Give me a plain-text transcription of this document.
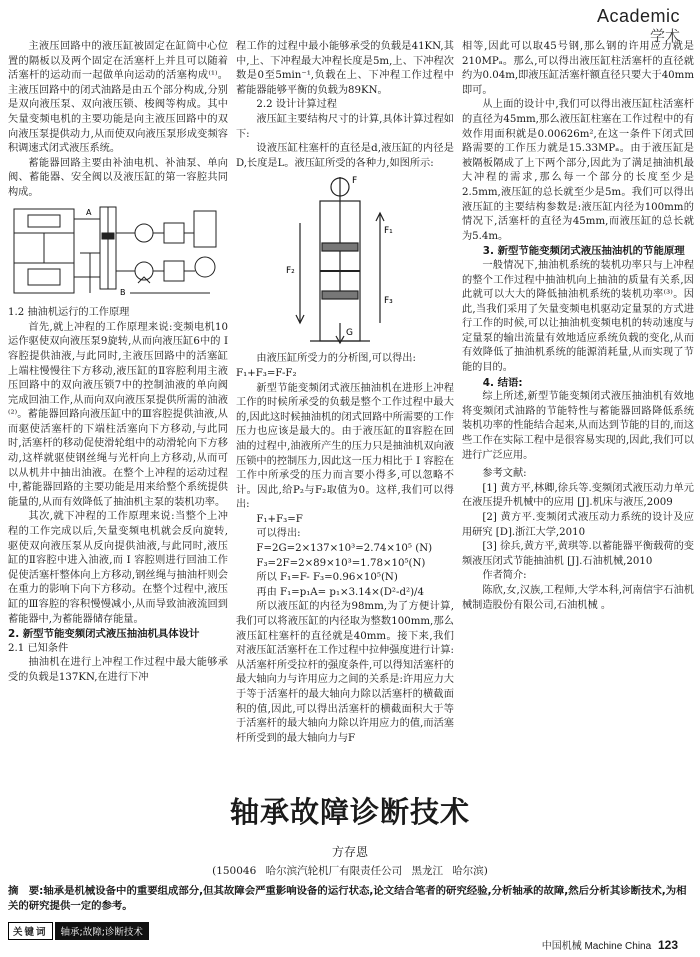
Academic
学术

主液压回路中的液压缸被固定在缸筒中心位置的隔板以及两个固定在活塞杆上并且可以随着活塞杆的运动而一起做单向运动的活塞构成⁽¹⁾。主液压回路中的闭式油路是由五个部分构成,分别是双向液压泵、双向液压锁、梭阀等构成。其中矢量变频电机的主要功能是向主液压回路中的双向液压泵提供动力,从而使双向液压泵形成变频容积调速式闭式液压系统。

蓄能器回路主要由补油电机、补油泵、单向阀、蓄能器、安全阀以及液压缸的第一容腔共同构成。

A
B

1.2 抽油机运行的工作原理

首先,就上冲程的工作原理来说:变频电机10运作驱使双向液压泵9旋转,从而向液压缸6中的 I 容腔提供油液,与此同时,主液压回路中的活塞缸上端柱慢慢往下方移动,液压缸的Ⅱ容腔利用主液压回路中的双向液压锁7中的控制油液的单向阀完成回油工作,从而向双向液压泵提供所需的油液⁽²⁾。蓄能器回路向液压缸中的Ⅲ容腔提供油液,从而驱使活塞杆的下端柱活塞向下方移动,与此同时,活塞杆的移动促使滑轮组中的动滑轮向下方移动,这样就驱使钢丝绳与光杆向上方移动,从而可以从机井中抽出油液。在整个上冲程的运动过程中,蓄能器回路的主要功能是用来给整个系统提供能量的,从而有效降低了抽油机主泵的装机功率。

其次,就下冲程的工作原理来说:当整个上冲程的工作完成以后,矢量变频电机就会反向旋转,驱使双向液压泵从反向提供油液,与此同时,液压缸的Ⅱ容腔中进入油液,而 I 容腔则进行回油工作促使活塞杆整体向上方移动,钢丝绳与抽油杆则会在重力的影响下向下方移动。在整个过程中,液压缸的Ⅲ容腔的容积慢慢减小,从而导致油液流回到蓄能器中,为蓄能器储存能量。

2. 新型节能变频闭式液压抽油机具体设计

2.1 已知条件

抽油机在进行上冲程工作过程中最大能够承受的负载是137KN,在进行下冲

程工作的过程中最小能够承受的负载是41KN,其中,上、下冲程最大冲程长度是5m,上、下冲程次数是0至5min⁻¹,负载在上、下冲程工作过程中蓄能器能够平衡的负载为89KN。

2.2 设计计算过程

液压缸主要结构尺寸的计算,具体计算过程如下:

设液压缸柱塞杆的直径是d,液压缸的内径是D,长度是L。液压缸所受的各种力,如图所示:

F₁
F₂
F₃
F
G

由液压缸所受力的分析图,可以得出:

F₁+F₃=F-F₂

新型节能变频闭式液压抽油机在进形上冲程工作的时候所承受的负载是整个工作过程中最大的,因此这时候抽油机的闭式回路中所需要的工作压力也应该是最大的。由于液压缸的Ⅱ容腔在回油的过程中,油液所产生的压力只是抽油机双向液压锁中的控制压力,因此这一压力相比于 I 容腔在工作中所承受的压力而言要小得多,可以忽略不计。因此,给P₂与F₂取值为0。这样,我们可以得出:

F₁+F₃=F

可以得出:

F=2G=2×137×10³=2.74×10⁵ (N)

F₃=2F=2×89×10³=1.78×10⁵(N)

所以 F₁=F- F₃=0.96×10⁵(N)

再由 F₁=p₁A= p₁×3.14×(D²-d²)/4

所以液压缸的内径为98mm,为了方便计算,我们可以将液压缸的内径取为整数100mm,那么液压缸柱塞杆的直径就是40mm。接下来,我们对液压缸活塞杆在工作过程中拉伸强度进行计算:从活塞杆所受拉杆的强度条件,可以得知活塞杆的最大轴向力与许用应力之间的关系是:许用应力大于等于活塞杆的最大轴向力除以活塞杆的横截面积的值,因此,可以得出活塞杆的横截面积大于等于活塞杆的最大轴向力除以许用应力的值,而活塞杆所受到的最大轴向力与F

相等,因此可以取45号钢,那么钢的许用应力就是210MPₐ。那么,可以得出液压缸柱活塞杆的直径就约为0.04m,即液压缸活塞杆额直径只要大于40mm即可。

从上面的设计中,我们可以得出液压缸柱活塞杆的直径为45mm,那么液压缸柱塞在工作过程中的有效作用面积就是0.00626m²,在这一条件下闭式回路需要的工作压力就是15.33MPₐ。由于液压缸是被隔板隔成了上下两个部分,因此为了满足抽油机最大冲程的需求,那么每一个部分的长度至少是2.5mm,液压缸的总长就至少是5m。我们可以得出液压缸的主要结构参数是:液压缸内径为100mm的情况下,活塞杆的直径为45mm,而液压缸的总长就为5.4m。

3. 新型节能变频闭式液压抽油机的节能原理

一般情况下,抽油机系统的装机功率只与上冲程的整个工作过程中抽油机向上抽油的质量有关系,因此就可以大大的降低抽油机系统的装机功率⁽³⁾。因此,当我们采用了矢量变频电机驱动定量泵的方式进行工作的时候,可以让抽油机变频电机的转动速度与定量泵的输出流量有效地适应系统负载的变化,从而有效降低了抽油机系统的能源消耗量,从而实现了节能的目的。

4. 结语:

综上所述,新型节能变频闭式液压抽油机有效地将变频闭式油路的节能特性与蓄能器回路降低系统装机功率的性能结合起来,从而达到节能的目的,而这些工作在实际工程中是很容易实现的,因此,我们可以进行广泛应用。

参考文献:

[1] 黄方平,林卿,徐兵等.变频闭式液压动力单元在液压提升机械中的应用 [J].机床与液压,2009

[2] 黄方平.变频闭式液压动力系统的设计及应用研究 [D].浙江大学,2010

[3] 徐兵,黄方平,黄琪等.以蓄能器平衡载荷的变频液压闭式节能抽油机 [J].石油机械,2010

作者简介:

陈欣,女,汉族,工程师,大学本科,河南信宇石油机械制造股份有限公司,石油机械 。

轴承故障诊断技术
方存恩
(150046 哈尔滨汽轮机厂有限责任公司 黑龙江 哈尔滨)
摘　要:轴承是机械设备中的重要组成部分,但其故障会严重影响设备的运行状态,论文结合笔者的研究经验,分析轴承的故障,然后分析其诊断技术,为相关的研究提供一定的参考。
关键词	轴承;故障;诊断技术
中国机械 Machine China 123
